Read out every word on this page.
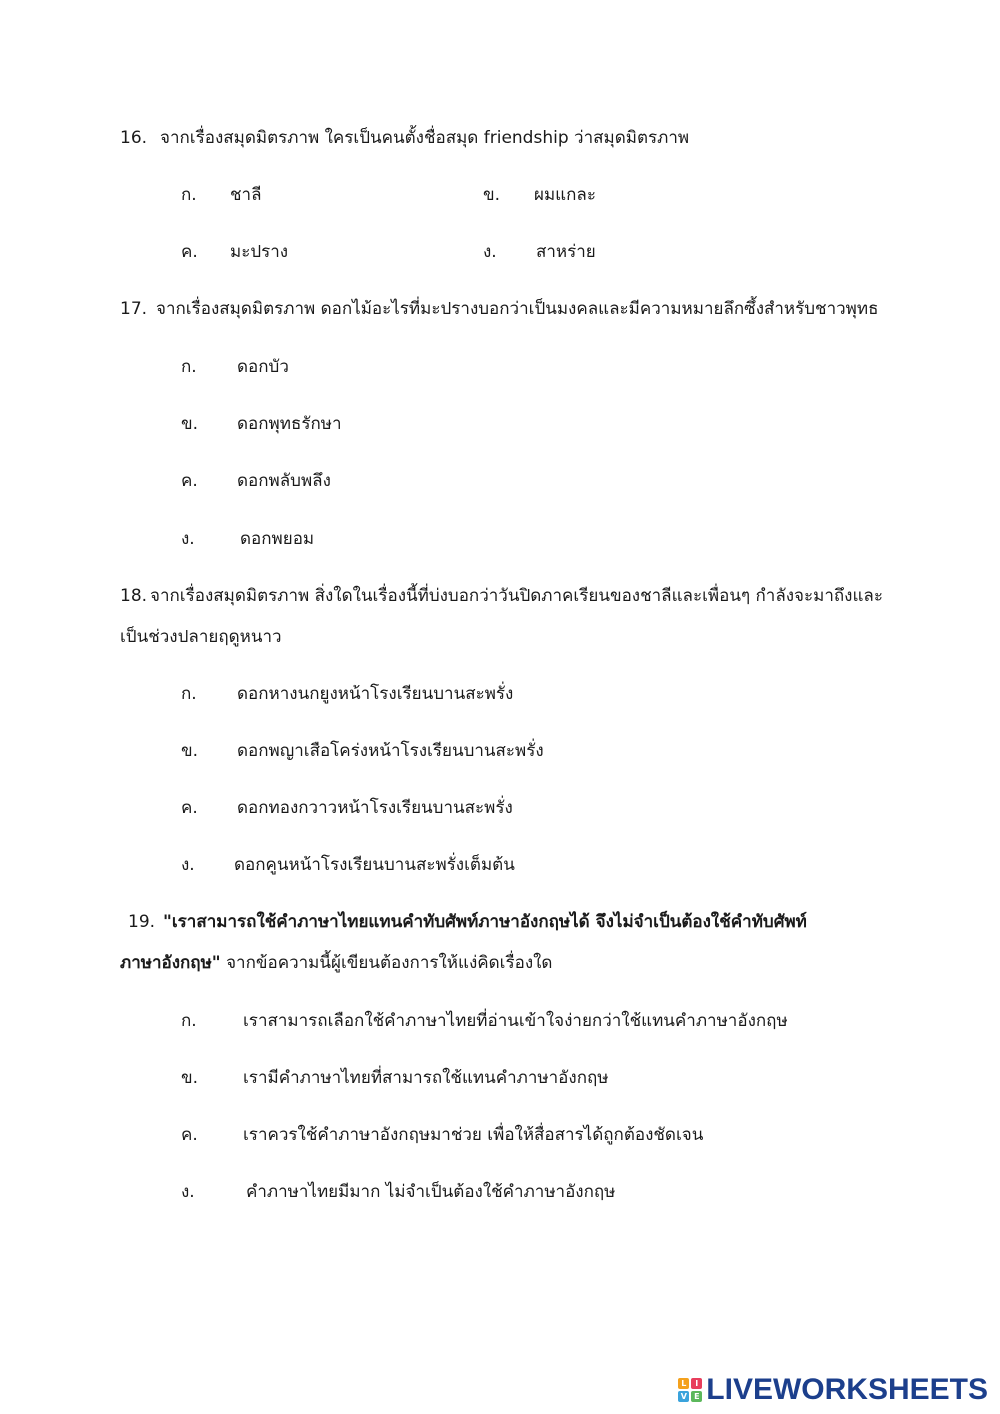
16. จากเรื่องสมุดมิตรภาพ ใครเป็นคนตั้งชื่อสมุด friendship ว่าสมุดมิตรภาพ
ก. ชาลี	ข. ผมแกละ
ค. มะปราง	ง. สาหร่าย
17. จากเรื่องสมุดมิตรภาพ ดอกไม้อะไรที่มะปรางบอกว่าเป็นมงคลและมีความหมายลึกซึ้งสำหรับชาวพุทธ
ก. ดอกบัว
ข. ดอกพุทธรักษา
ค. ดอกพลับพลึง
ง.	ดอกพยอม
18. จากเรื่องสมุดมิตรภาพ สิ่งใดในเรื่องนี้ที่บ่งบอกว่าวันปิดภาคเรียนของชาลีและเพื่อนๆ กำลังจะมาถึงและ
เป็นช่วงปลายฤดูหนาว
ก. ดอกหางนกยูงหน้าโรงเรียนบานสะพรั่ง
ข. ดอกพญาเสือโคร่งหน้าโรงเรียนบานสะพรั่ง
ค. ดอกทองกวาวหน้าโรงเรียนบานสะพรั่ง
ง. ดอกคูนหน้าโรงเรียนบานสะพรั่งเต็มต้น
19. "เราสามารถใช้คำภาษาไทยแทนคำทับศัพท์ภาษาอังกฤษได้ จึงไม่จำเป็นต้องใช้คำทับศัพท์
ภาษาอังกฤษ" จากข้อความนี้ผู้เขียนต้องการให้แง่คิดเรื่องใด
ก.	เราสามารถเลือกใช้คำภาษาไทยที่อ่านเข้าใจง่ายกว่าใช้แทนคำภาษาอังกฤษ
ข.	เรามีคำภาษาไทยที่สามารถใช้แทนคำภาษาอังกฤษ
ค.	เราควรใช้คำภาษาอังกฤษมาช่วย เพื่อให้สื่อสารได้ถูกต้องชัดเจน
ง.	คำภาษาไทยมีมาก ไม่จำเป็นต้องใช้คำภาษาอังกฤษ
L	I
V E LIVEWORKSHEETS
